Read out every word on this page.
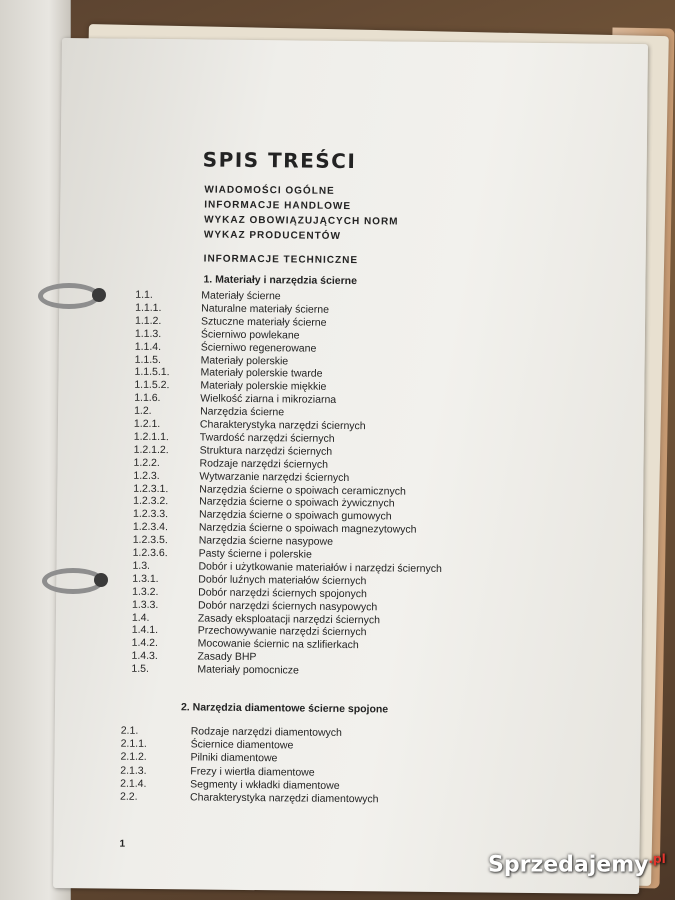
SPIS TREŚCI
WIADOMOŚCI OGÓLNE
INFORMACJE HANDLOWE
WYKAZ OBOWIĄZUJĄCYCH NORM
WYKAZ PRODUCENTÓW
INFORMACJE TECHNICZNE
1. Materiały i narzędzia ścierne
1.1.	Materiały ścierne
1.1.1.	Naturalne materiały ścierne
1.1.2.	Sztuczne materiały ścierne
1.1.3.	Ścierniwo powlekane
1.1.4.	Ścierniwo regenerowane
1.1.5.	Materiały polerskie
1.1.5.1.	Materiały polerskie twarde
1.1.5.2.	Materiały polerskie miękkie
1.1.6.	Wielkość ziarna i mikroziarna
1.2.	Narzędzia ścierne
1.2.1.	Charakterystyka narzędzi ściernych
1.2.1.1.	Twardość narzędzi ściernych
1.2.1.2.	Struktura narzędzi ściernych
1.2.2.	Rodzaje narzędzi ściernych
1.2.3.	Wytwarzanie narzędzi ściernych
1.2.3.1.	Narzędzia ścierne o spoiwach ceramicznych
1.2.3.2.	Narzędzia ścierne o spoiwach żywicznych
1.2.3.3.	Narzędzia ścierne o spoiwach gumowych
1.2.3.4.	Narzędzia ścierne o spoiwach magnezytowych
1.2.3.5.	Narzędzia ścierne nasypowe
1.2.3.6.	Pasty ścierne i polerskie
1.3.	Dobór i użytkowanie materiałów i narzędzi ściernych
1.3.1.	Dobór luźnych materiałów ściernych
1.3.2.	Dobór narzędzi ściernych spojonych
1.3.3.	Dobór narzędzi ściernych nasypowych
1.4.	Zasady eksploatacji narzędzi ściernych
1.4.1.	Przechowywanie narzędzi ściernych
1.4.2.	Mocowanie ściernic na szlifierkach
1.4.3.	Zasady BHP
1.5.	Materiały pomocnicze
2. Narzędzia diamentowe ścierne spojone
2.1.	Rodzaje narzędzi diamentowych
2.1.1.	Ściernice diamentowe
2.1.2.	Pilniki diamentowe
2.1.3.	Frezy i wiertła diamentowe
2.1.4.	Segmenty i wkładki diamentowe
2.2.	Charakterystyka narzędzi diamentowych
1
Sprzedajemy$^{.pl}$
